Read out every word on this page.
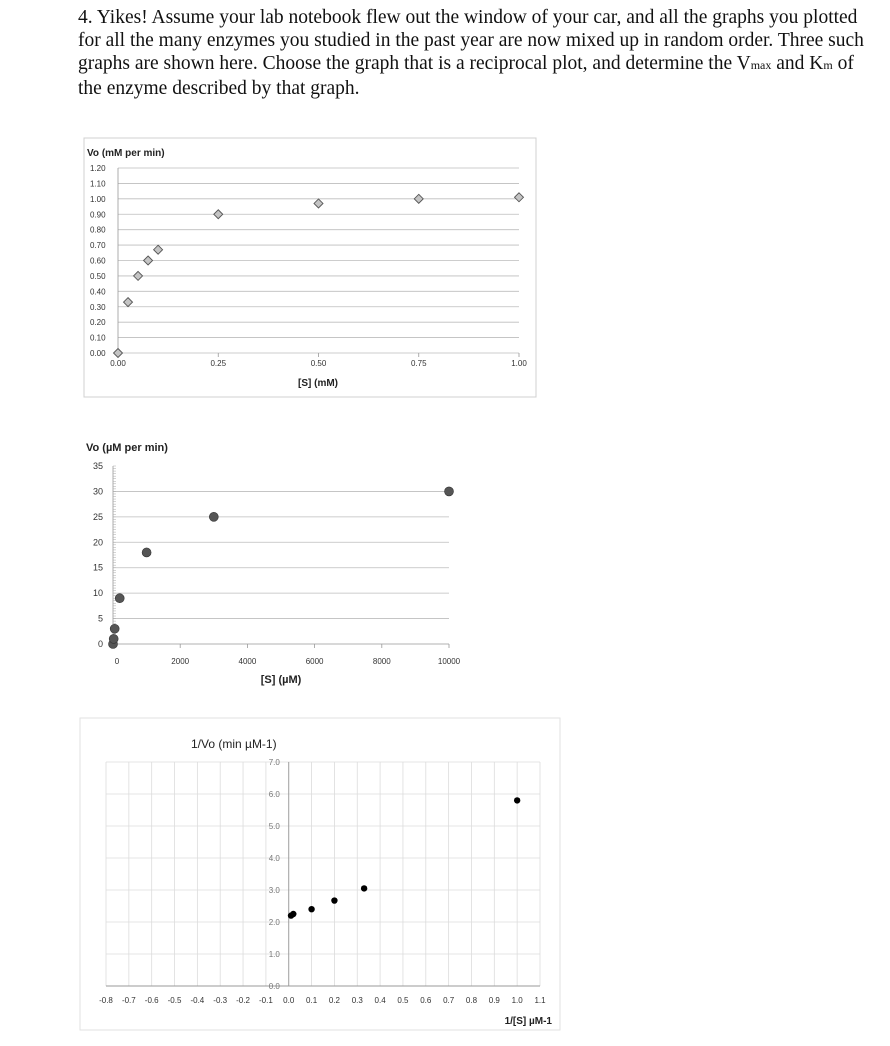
4. Yikes! Assume your lab notebook flew out the window of your car, and all the graphs you plotted for all the many enzymes you studied in the past year are now mixed up in random order. Three such graphs are shown here. Choose the graph that is a reciprocal plot, and determine the Vmax and Km of the enzyme described by that graph.
0.00
0.10
0.20
0.30
0.40
0.50
0.60
0.70
0.80
0.90
1.00
1.10
1.20
0.00	0.25	0.50	0.75	1.00
Vo (mM per min)
[S] (mM)
0
5
10
15
20
25
30
35
0	2000	4000	6000	8000	10000
Vo (µM per min)
[S] (µM)
-0.8 -0.7 -0.6 -0.5 -0.4 -0.3 -0.2 -0.1 0.0 0.1 0.2 0.3 0.4 0.5 0.6 0.7 0.8 0.9 1.0 1.1
0.0
1.0
2.0
3.0
4.0
5.0
6.0
7.0
1/Vo (min µM-1)
1/[S] µM-1
